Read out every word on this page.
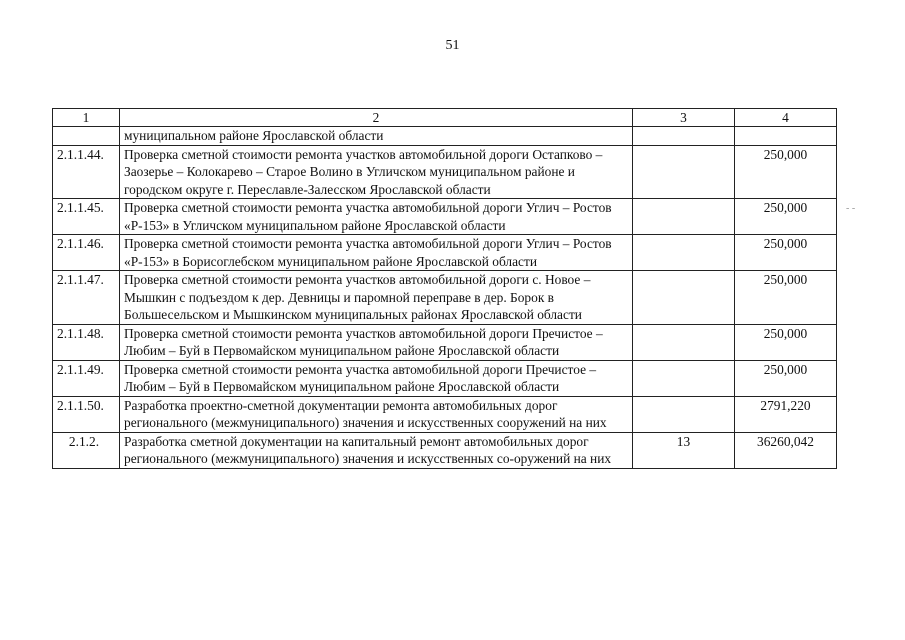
51
1	2	3	4
	муниципальном районе Ярославской области		
2.1.1.44.	Проверка сметной стоимости ремонта участков автомобильной дороги Остапково – Заозерье – Колокарево – Старое Волино в Угличском муниципальном районе и городском округе г. Переславле-Залесском Ярославской области		250,000
2.1.1.45.	Проверка сметной стоимости ремонта участка автомобильной дороги Углич – Ростов «Р-153» в Угличском муниципальном районе Ярославской области		250,000
2.1.1.46.	Проверка сметной стоимости ремонта участка автомобильной дороги Углич – Ростов «Р-153» в Борисоглебском муниципальном районе Ярославской области		250,000
2.1.1.47.	Проверка сметной стоимости ремонта участков автомобильной дороги с. Новое – Мышкин с подъездом к дер. Девницы и паромной переправе в дер. Борок в Большесельском и Мышкинском муниципальных районах Ярославской области		250,000
2.1.1.48.	Проверка сметной стоимости ремонта участков автомобильной дороги Пречистое – Любим – Буй в Первомайском муниципальном районе Ярославской области		250,000
2.1.1.49.	Проверка сметной стоимости ремонта участка автомобильной дороги Пречистое – Любим – Буй в Первомайском муниципальном районе Ярославской области		250,000
2.1.1.50.	Разработка проектно-сметной документации ремонта автомобильных дорог регионального (межмуниципального) значения и искусственных сооружений на них		2791,220
2.1.2.	Разработка сметной документации на капитальный ремонт автомобильных дорог регионального (межмуниципального) значения и искусственных со-оружений на них	13	36260,042
- -
